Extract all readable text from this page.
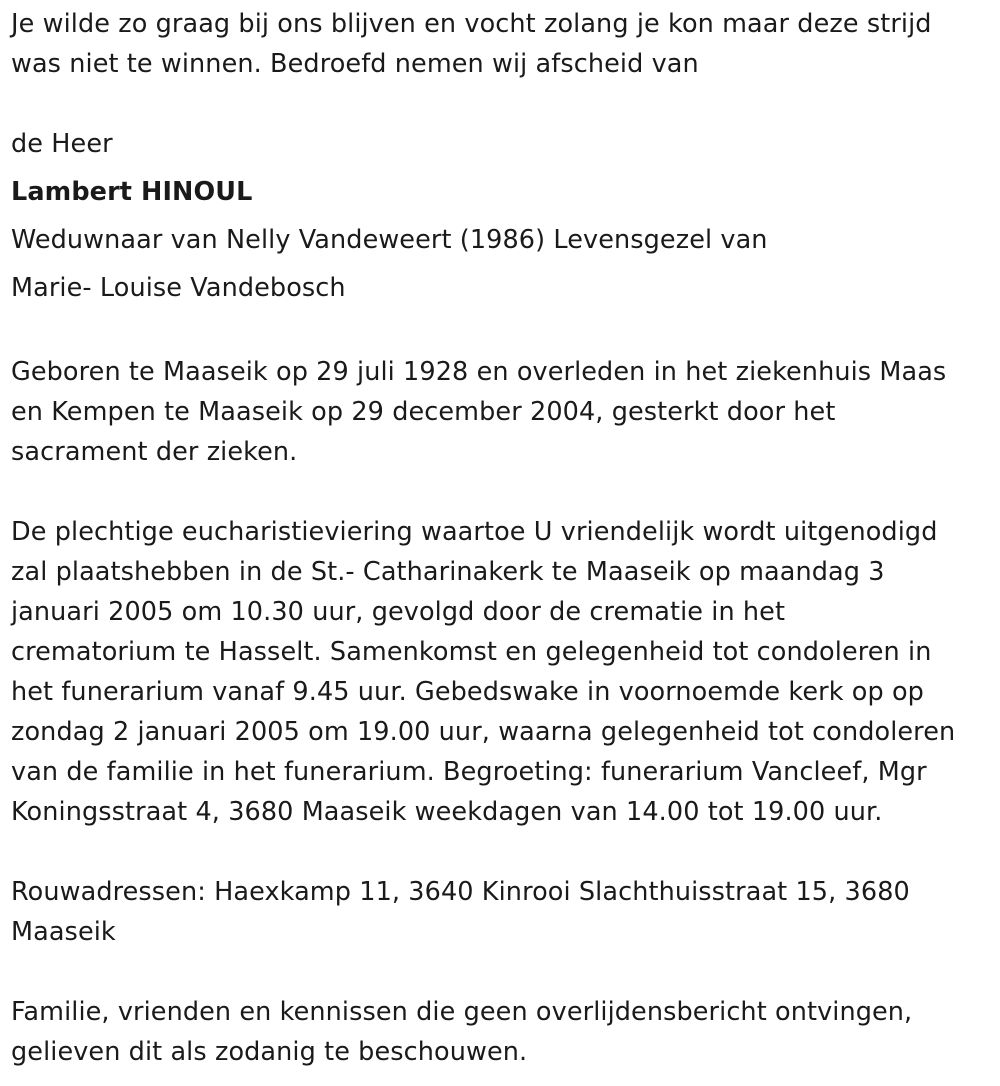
Je wilde zo graag bij ons blijven en vocht zolang je kon maar deze strijd
was niet te winnen. Bedroefd nemen wij afscheid van

de Heer

Lambert HINOUL

Weduwnaar van Nelly Vandeweert (1986) Levensgezel van
Marie- Louise Vandebosch

Geboren te Maaseik op 29 juli 1928 en overleden in het ziekenhuis Maas
en Kempen te Maaseik op 29 december 2004, gesterkt door het
sacrament der zieken.

De plechtige eucharistieviering waartoe U vriendelijk wordt uitgenodigd
zal plaatshebben in de St.- Catharinakerk te Maaseik op maandag 3
januari 2005 om 10.30 uur, gevolgd door de crematie in het
crematorium te Hasselt. Samenkomst en gelegenheid tot condoleren in
het funerarium vanaf 9.45 uur. Gebedswake in voornoemde kerk op op
zondag 2 januari 2005 om 19.00 uur, waarna gelegenheid tot condoleren
van de familie in het funerarium. Begroeting: funerarium Vancleef, Mgr
Koningsstraat 4, 3680 Maaseik weekdagen van 14.00 tot 19.00 uur.

Rouwadressen: Haexkamp 11, 3640 Kinrooi Slachthuisstraat 15, 3680
Maaseik

Familie, vrienden en kennissen die geen overlijdensbericht ontvingen,
gelieven dit als zodanig te beschouwen.
